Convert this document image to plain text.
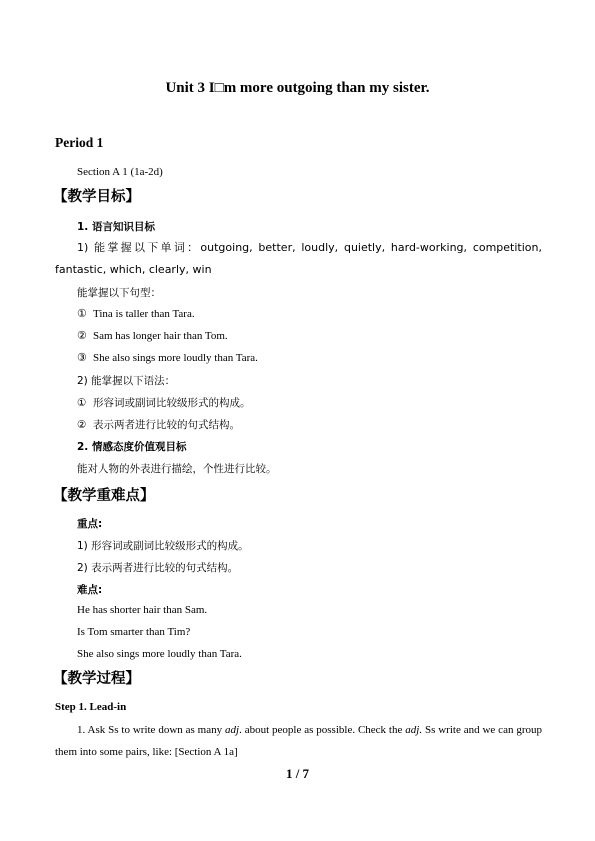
Unit 3 I□m more outgoing than my sister.
Period 1
Section A 1 (1a-2d)
【教学目标】
1. 语言知识目标
1) 能掌握以下单词：outgoing, better, loudly, quietly, hard-working, competition, fantastic, which, clearly, win
能掌握以下句型：
① Tina is taller than Tara.
② Sam has longer hair than Tom.
③ She also sings more loudly than Tara.
2) 能掌握以下语法：
① 形容词或副词比较级形式的构成。
② 表示两者进行比较的句式结构。
2. 情感态度价值观目标
能对人物的外表进行描绘，个性进行比较。
【教学重难点】
重点:
1) 形容词或副词比较级形式的构成。
2) 表示两者进行比较的句式结构。
难点:
He has shorter hair than Sam.
Is Tom smarter than Tim?
She also sings more loudly than Tara.
【教学过程】
Step 1. Lead-in
1. Ask Ss to write down as many adj. about people as possible. Check the adj. Ss write and we can group them into some pairs, like: [Section A 1a]
1 / 7
